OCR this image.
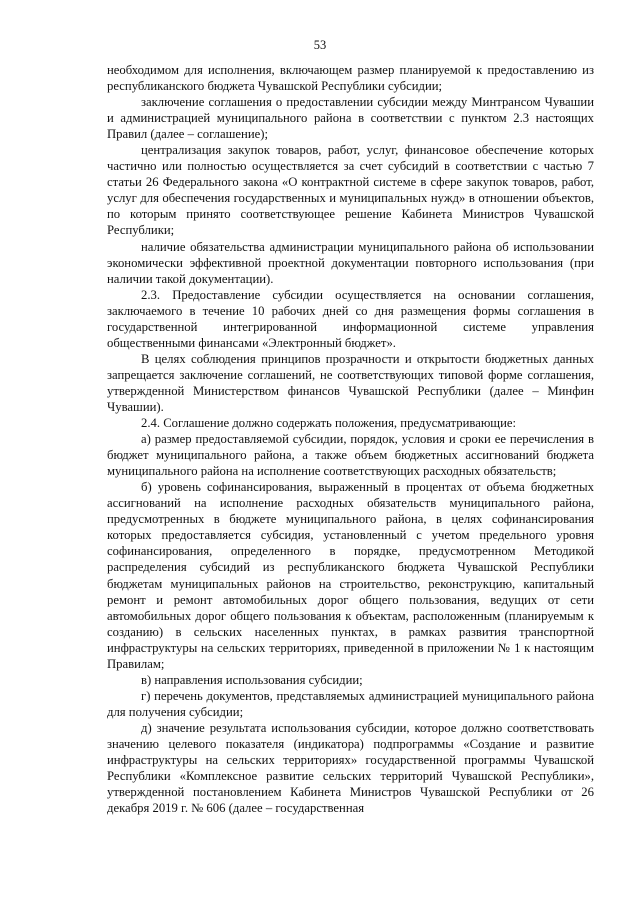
53

необходимом для исполнения, включающем размер планируемой к предоставлению из республиканского бюджета Чувашской Республики субсидии;

заключение соглашения о предоставлении субсидии между Минтрансом Чувашии и администрацией муниципального района в соответствии с пунктом 2.3 настоящих Правил (далее – соглашение);

централизация закупок товаров, работ, услуг, финансовое обеспечение которых частично или полностью осуществляется за счет субсидий в соответствии с частью 7 статьи 26 Федерального закона «О контрактной системе в сфере закупок товаров, работ, услуг для обеспечения государственных и муниципальных нужд» в отношении объектов, по которым принято соответствующее решение Кабинета Министров Чувашской Республики;

наличие обязательства администрации муниципального района об использовании экономически эффективной проектной документации повторного использования (при наличии такой документации).

2.3. Предоставление субсидии осуществляется на основании соглашения, заключаемого в течение 10 рабочих дней со дня размещения формы соглашения в государственной интегрированной информационной системе управления общественными финансами «Электронный бюджет».

В целях соблюдения принципов прозрачности и открытости бюджетных данных запрещается заключение соглашений, не соответствующих типовой форме соглашения, утвержденной Министерством финансов Чувашской Республики (далее – Минфин Чувашии).

2.4. Соглашение должно содержать положения, предусматривающие:

а) размер предоставляемой субсидии, порядок, условия и сроки ее перечисления в бюджет муниципального района, а также объем бюджетных ассигнований бюджета муниципального района на исполнение соответствующих расходных обязательств;

б) уровень софинансирования, выраженный в процентах от объема бюджетных ассигнований на исполнение расходных обязательств муниципального района, предусмотренных в бюджете муниципального района, в целях софинансирования которых предоставляется субсидия, установленный с учетом предельного уровня софинансирования, определенного в порядке, предусмотренном Методикой распределения субсидий из республиканского бюджета Чувашской Республики бюджетам муниципальных районов на строительство, реконструкцию, капитальный ремонт и ремонт автомобильных дорог общего пользования, ведущих от сети автомобильных дорог общего пользования к объектам, расположенным (планируемым к созданию) в сельских населенных пунктах, в рамках развития транспортной инфраструктуры на сельских территориях, приведенной в приложении № 1 к настоящим Правилам;

в) направления использования субсидии;

г) перечень документов, представляемых администрацией муниципального района для получения субсидии;

д) значение результата использования субсидии, которое должно соответствовать значению целевого показателя (индикатора) подпрограммы «Создание и развитие инфраструктуры на сельских территориях» государственной программы Чувашской Республики «Комплексное развитие сельских территорий Чувашской Республики», утвержденной постановлением Кабинета Министров Чувашской Республики от 26 декабря 2019 г. № 606 (далее – государственная
